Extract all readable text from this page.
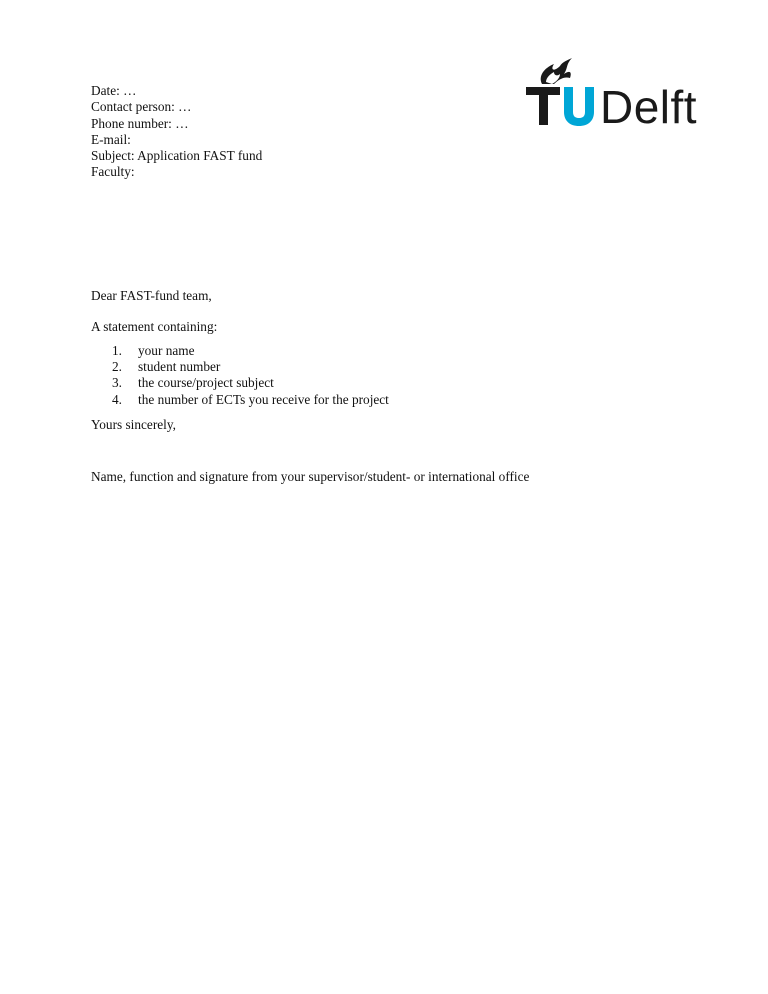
Date: …
Contact person: …
Phone number: …
E-mail:
Subject: Application FAST fund
Faculty:
Delft
Dear FAST-fund team,
A statement containing:
1.	your name
2.	student number
3.	the course/project subject
4.	the number of ECTs you receive for the project
Yours sincerely,
Name, function and signature from your supervisor/student- or international office
